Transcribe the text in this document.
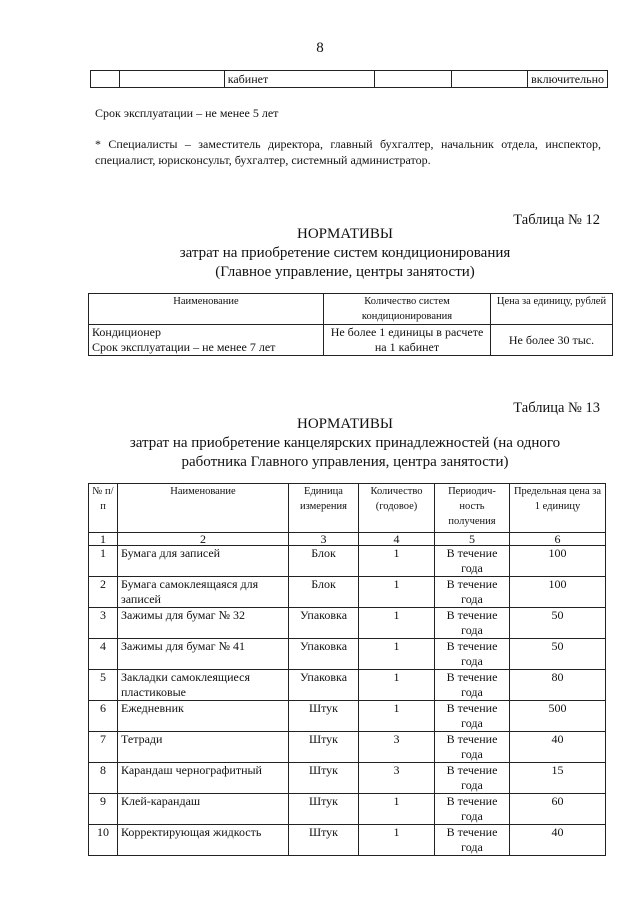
8
		кабинет			включительно
Срок эксплуатации – не менее 5 лет
* Специалисты – заместитель директора, главный бухгалтер, начальник отдела, инспектор, специалист, юрисконсульт, бухгалтер, системный администратор.
Таблица № 12
НОРМАТИВЫ
затрат на приобретение систем кондиционирования
(Главное управление, центры занятости)
Наименование	Количество систем кондиционирования	Цена за единицу, рублей

Кондиционер
Срок эксплуатации – не менее 7 лет	Не более 1 единицы в расчете на 1 кабинет	Не более 30 тыс.
Таблица № 13
НОРМАТИВЫ
затрат на приобретение канцелярских принадлежностей (на одного
работника Главного управления, центра занятости)
№ п/п	Наименование	Единица измерения	Количество (годовое)	Периодич-ность получения	Предельная цена за 1 единицу
1	2	3	4	5	6
1	Бумага для записей	Блок	1	В течение года	100
2	Бумага самоклеящаяся для записей	Блок	1	В течение года	100
3	Зажимы для бумаг № 32	Упаковка	1	В течение года	50
4	Зажимы для бумаг № 41	Упаковка	1	В течение года	50
5	Закладки самоклеящиеся пластиковые	Упаковка	1	В течение года	80
6	Ежедневник	Штук	1	В течение года	500
7	Тетради	Штук	3	В течение года	40
8	Карандаш чернографитный	Штук	3	В течение года	15
9	Клей-карандаш	Штук	1	В течение года	60
10	Корректирующая жидкость	Штук	1	В течение года	40
